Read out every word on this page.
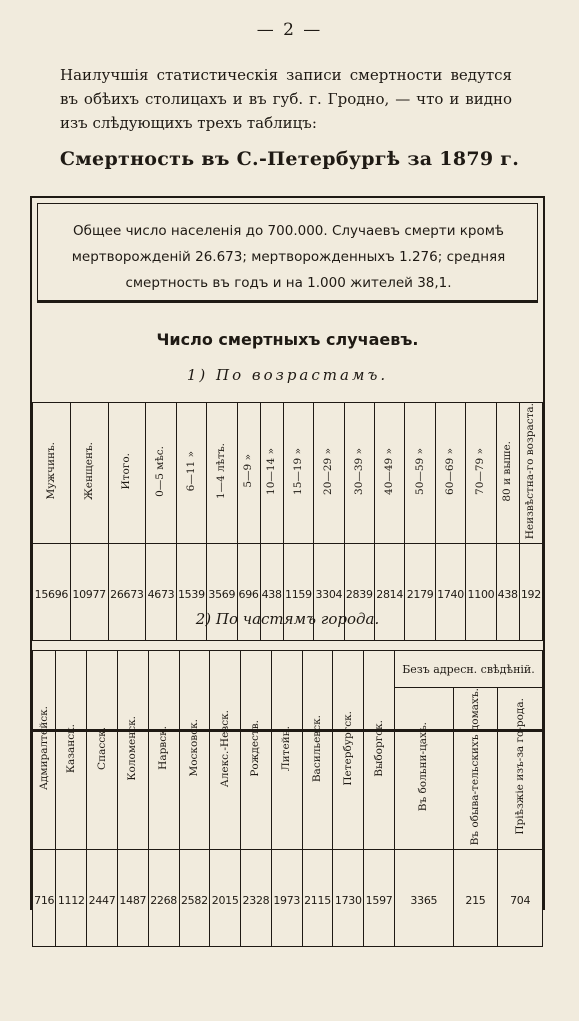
— 2 —
Наилучшія статистическія записи смертности ведутся въ обѣихъ столицахъ и въ губ. г. Гродно, — что и видно изъ слѣдующихъ трехъ таблицъ:
Смертность въ С.-Петербургѣ за 1879 г.
Общее число населенія до 700.000. Случаевъ смерти кромѣ мертворожденій 26.673; мертворожденныхъ 1.276; средняя смертность въ годъ и на 1.000 жителей 38,1.
Число смертныхъ случаевъ.
1) По возрастамъ.
Мужчинъ.	Женщенъ.	Итого.	0—5 мѣс.	6—11 »	1—4 лѣтъ.	5—9 »	10—14 »	15—19 »	20—29 »	30—39 »	40—49 »	50—59 »	60—69 »	70—79 »	80 и выше.	Неизвѣстна-го возраста.
15696	10977	26673	4673	1539	3569	696	438	1159	3304	2839	2814	2179	1740	1100	438	192

2) По частямъ города.
Адмиралтейск.	Казанск.	Спасск.	Коломенск.	Нарвск.	Московск.	Алекс.-Невск.	Рождеств.	Литейн.	Васильевск.	Петербургск.	Выборгск.	Безъ адресн. свѣдѣній.		
												Въ больни-цахъ.	Въ обыва-тельскихъ домахъ.	Пріѣзжіе изъ-за го-рода.
716	1112	2447	1487	2268	2582	2015	2328	1973	2115	1730	1597	3365	215	704
